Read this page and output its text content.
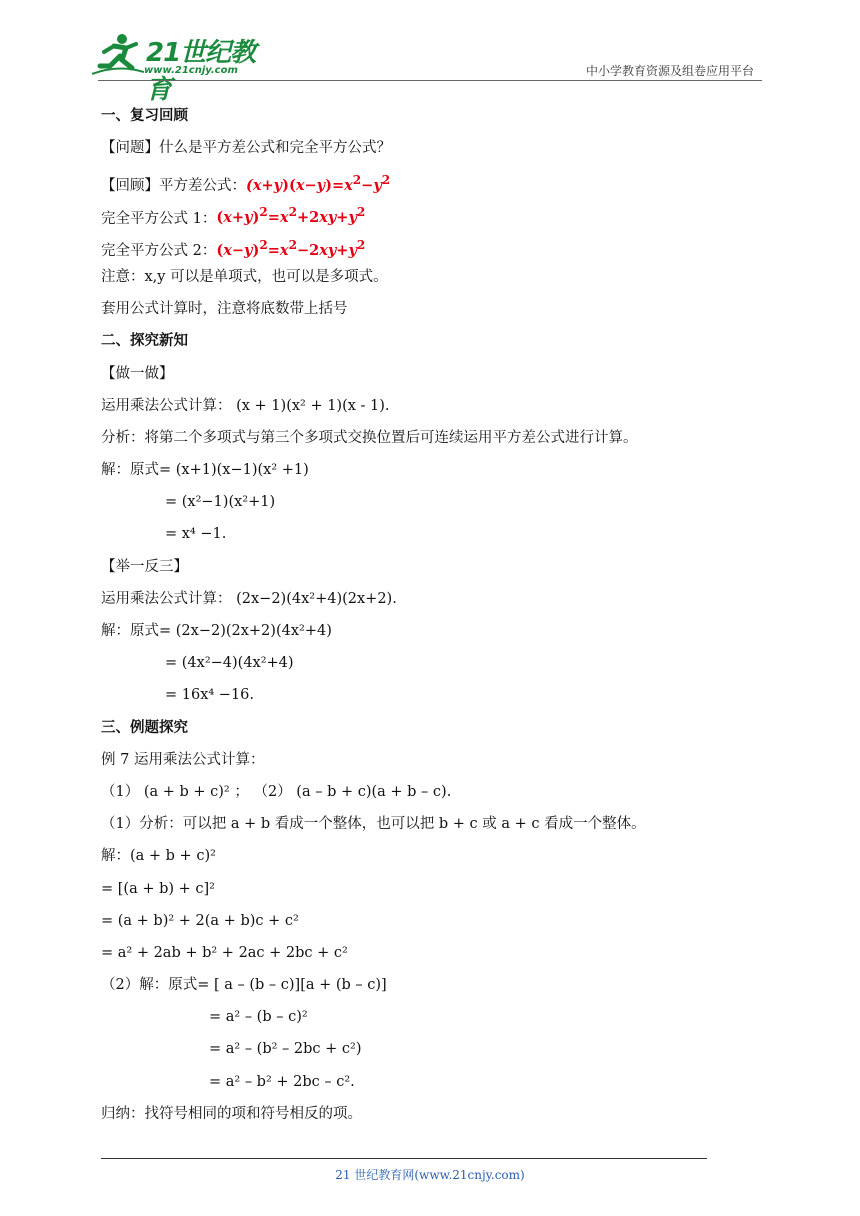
21世纪教育
www.21cnjy.com	中小学教育资源及组卷应用平台
一、复习回顾
【问题】什么是平方差公式和完全平方公式？
【回顾】平方差公式：$(x+y)(x-y)=x^2-y^2$
完全平方公式 1：$(x+y)^2=x^2+2xy+y^2$
完全平方公式 2：$(x-y)^2=x^2-2xy+y^2$
注意：x,y 可以是单项式，也可以是多项式。
套用公式计算时，注意将底数带上括号
二、探究新知
【做一做】
运用乘法公式计算： (x + 1)(x² + 1)(x - 1).
分析：将第二个多项式与第三个多项式交换位置后可连续运用平方差公式进行计算。
解：原式= (x+1)(x−1)(x² +1)
= (x²−1)(x²+1)
= x⁴ −1.
【举一反三】
运用乘法公式计算： (2x−2)(4x²+4)(2x+2).
解：原式= (2x−2)(2x+2)(4x²+4)
= (4x²−4)(4x²+4)
= 16x⁴ −16.
三、例题探究
例 7 运用乘法公式计算：
（1） (a + b + c)² ； （2） (a – b + c)(a + b – c).
（1）分析：可以把 a + b 看成一个整体，也可以把 b + c 或 a + c 看成一个整体。
解：(a + b + c)²
= [(a + b) + c]²
= (a + b)² + 2(a + b)c + c²
= a² + 2ab + b² + 2ac + 2bc + c²
（2）解：原式= [ a – (b – c)][a + (b – c)]
= a² – (b – c)²
= a² – (b² – 2bc + c²)
= a² – b² + 2bc – c².
归纳：找符号相同的项和符号相反的项。
21 世纪教育网(www.21cnjy.com)
